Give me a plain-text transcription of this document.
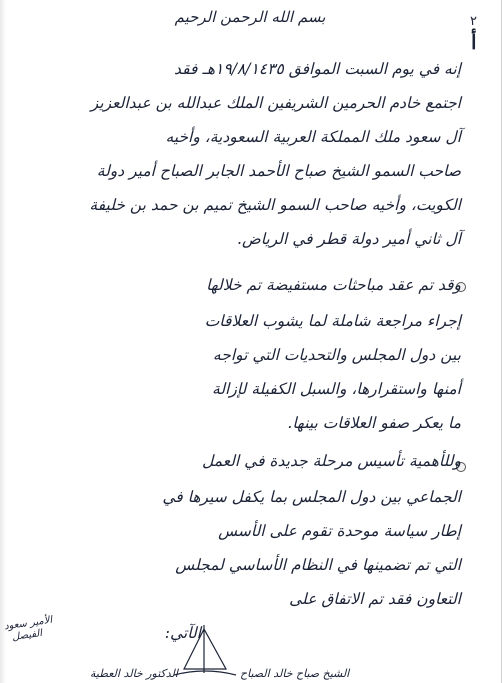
٢
أ
بسم الله الرحمن الرحيم
إنه في يوم السبت الموافق ١٩/٨/١٤٣٥هـ فقد
اجتمع خادم الحرمين الشريفين الملك عبدالله بن عبدالعزيز
آل سعود ملك المملكة العربية السعودية، وأخيه
صاحب السمو الشيخ صباح الأحمد الجابر الصباح أمير دولة
الكويت، وأخيه صاحب السمو الشيخ تميم بن حمد بن خليفة
آل ثاني أمير دولة قطر في الرياض.
وقد تم عقد مباحثات مستفيضة تم خلالها
إجراء مراجعة شاملة لما يشوب العلاقات
بين دول المجلس والتحديات التي تواجه
أمنها واستقرارها، والسبل الكفيلة لإزالة
ما يعكر صفو العلاقات بينها.
وللأهمية تأسيس مرحلة جديدة في العمل
الجماعي بين دول المجلس بما يكفل سيرها في
إطار سياسة موحدة تقوم على الأسس
التي تم تضمينها في النظام الأساسي لمجلس
التعاون فقد تم الاتفاق على
الآتي:
الدكتور خالد العطية	الشيخ صباح خالد الصباح
الأمير سعود
الفيصل
